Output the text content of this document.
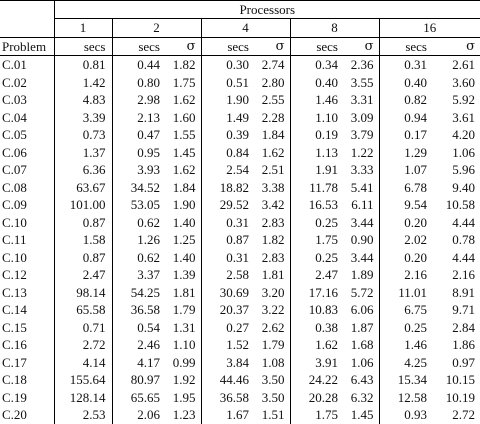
	Processors								
	1	2		4		8		16	
Problem	secs	secs	σ	secs	σ	secs	σ	secs	σ
C.01	0.81	0.44	1.82	0.30	2.74	0.34	2.36	0.31	2.61
C.02	1.42	0.80	1.75	0.51	2.80	0.40	3.55	0.40	3.60
C.03	4.83	2.98	1.62	1.90	2.55	1.46	3.31	0.82	5.92
C.04	3.39	2.13	1.60	1.49	2.28	1.10	3.09	0.94	3.61
C.05	0.73	0.47	1.55	0.39	1.84	0.19	3.79	0.17	4.20
C.06	1.37	0.95	1.45	0.84	1.62	1.13	1.22	1.29	1.06
C.07	6.36	3.93	1.62	2.54	2.51	1.91	3.33	1.07	5.96
C.08	63.67	34.52	1.84	18.82	3.38	11.78	5.41	6.78	9.40
C.09	101.00	53.05	1.90	29.52	3.42	16.53	6.11	9.54	10.58
C.10	0.87	0.62	1.40	0.31	2.83	0.25	3.44	0.20	4.44
C.11	1.58	1.26	1.25	0.87	1.82	1.75	0.90	2.02	0.78
C.10	0.87	0.62	1.40	0.31	2.83	0.25	3.44	0.20	4.44
C.12	2.47	3.37	1.39	2.58	1.81	2.47	1.89	2.16	2.16
C.13	98.14	54.25	1.81	30.69	3.20	17.16	5.72	11.01	8.91
C.14	65.58	36.58	1.79	20.37	3.22	10.83	6.06	6.75	9.71
C.15	0.71	0.54	1.31	0.27	2.62	0.38	1.87	0.25	2.84
C.16	2.72	2.46	1.10	1.52	1.79	1.62	1.68	1.46	1.86
C.17	4.14	4.17	0.99	3.84	1.08	3.91	1.06	4.25	0.97
C.18	155.64	80.97	1.92	44.46	3.50	24.22	6.43	15.34	10.15
C.19	128.14	65.65	1.95	36.58	3.50	20.28	6.32	12.58	10.19
C.20	2.53	2.06	1.23	1.67	1.51	1.75	1.45	0.93	2.72
